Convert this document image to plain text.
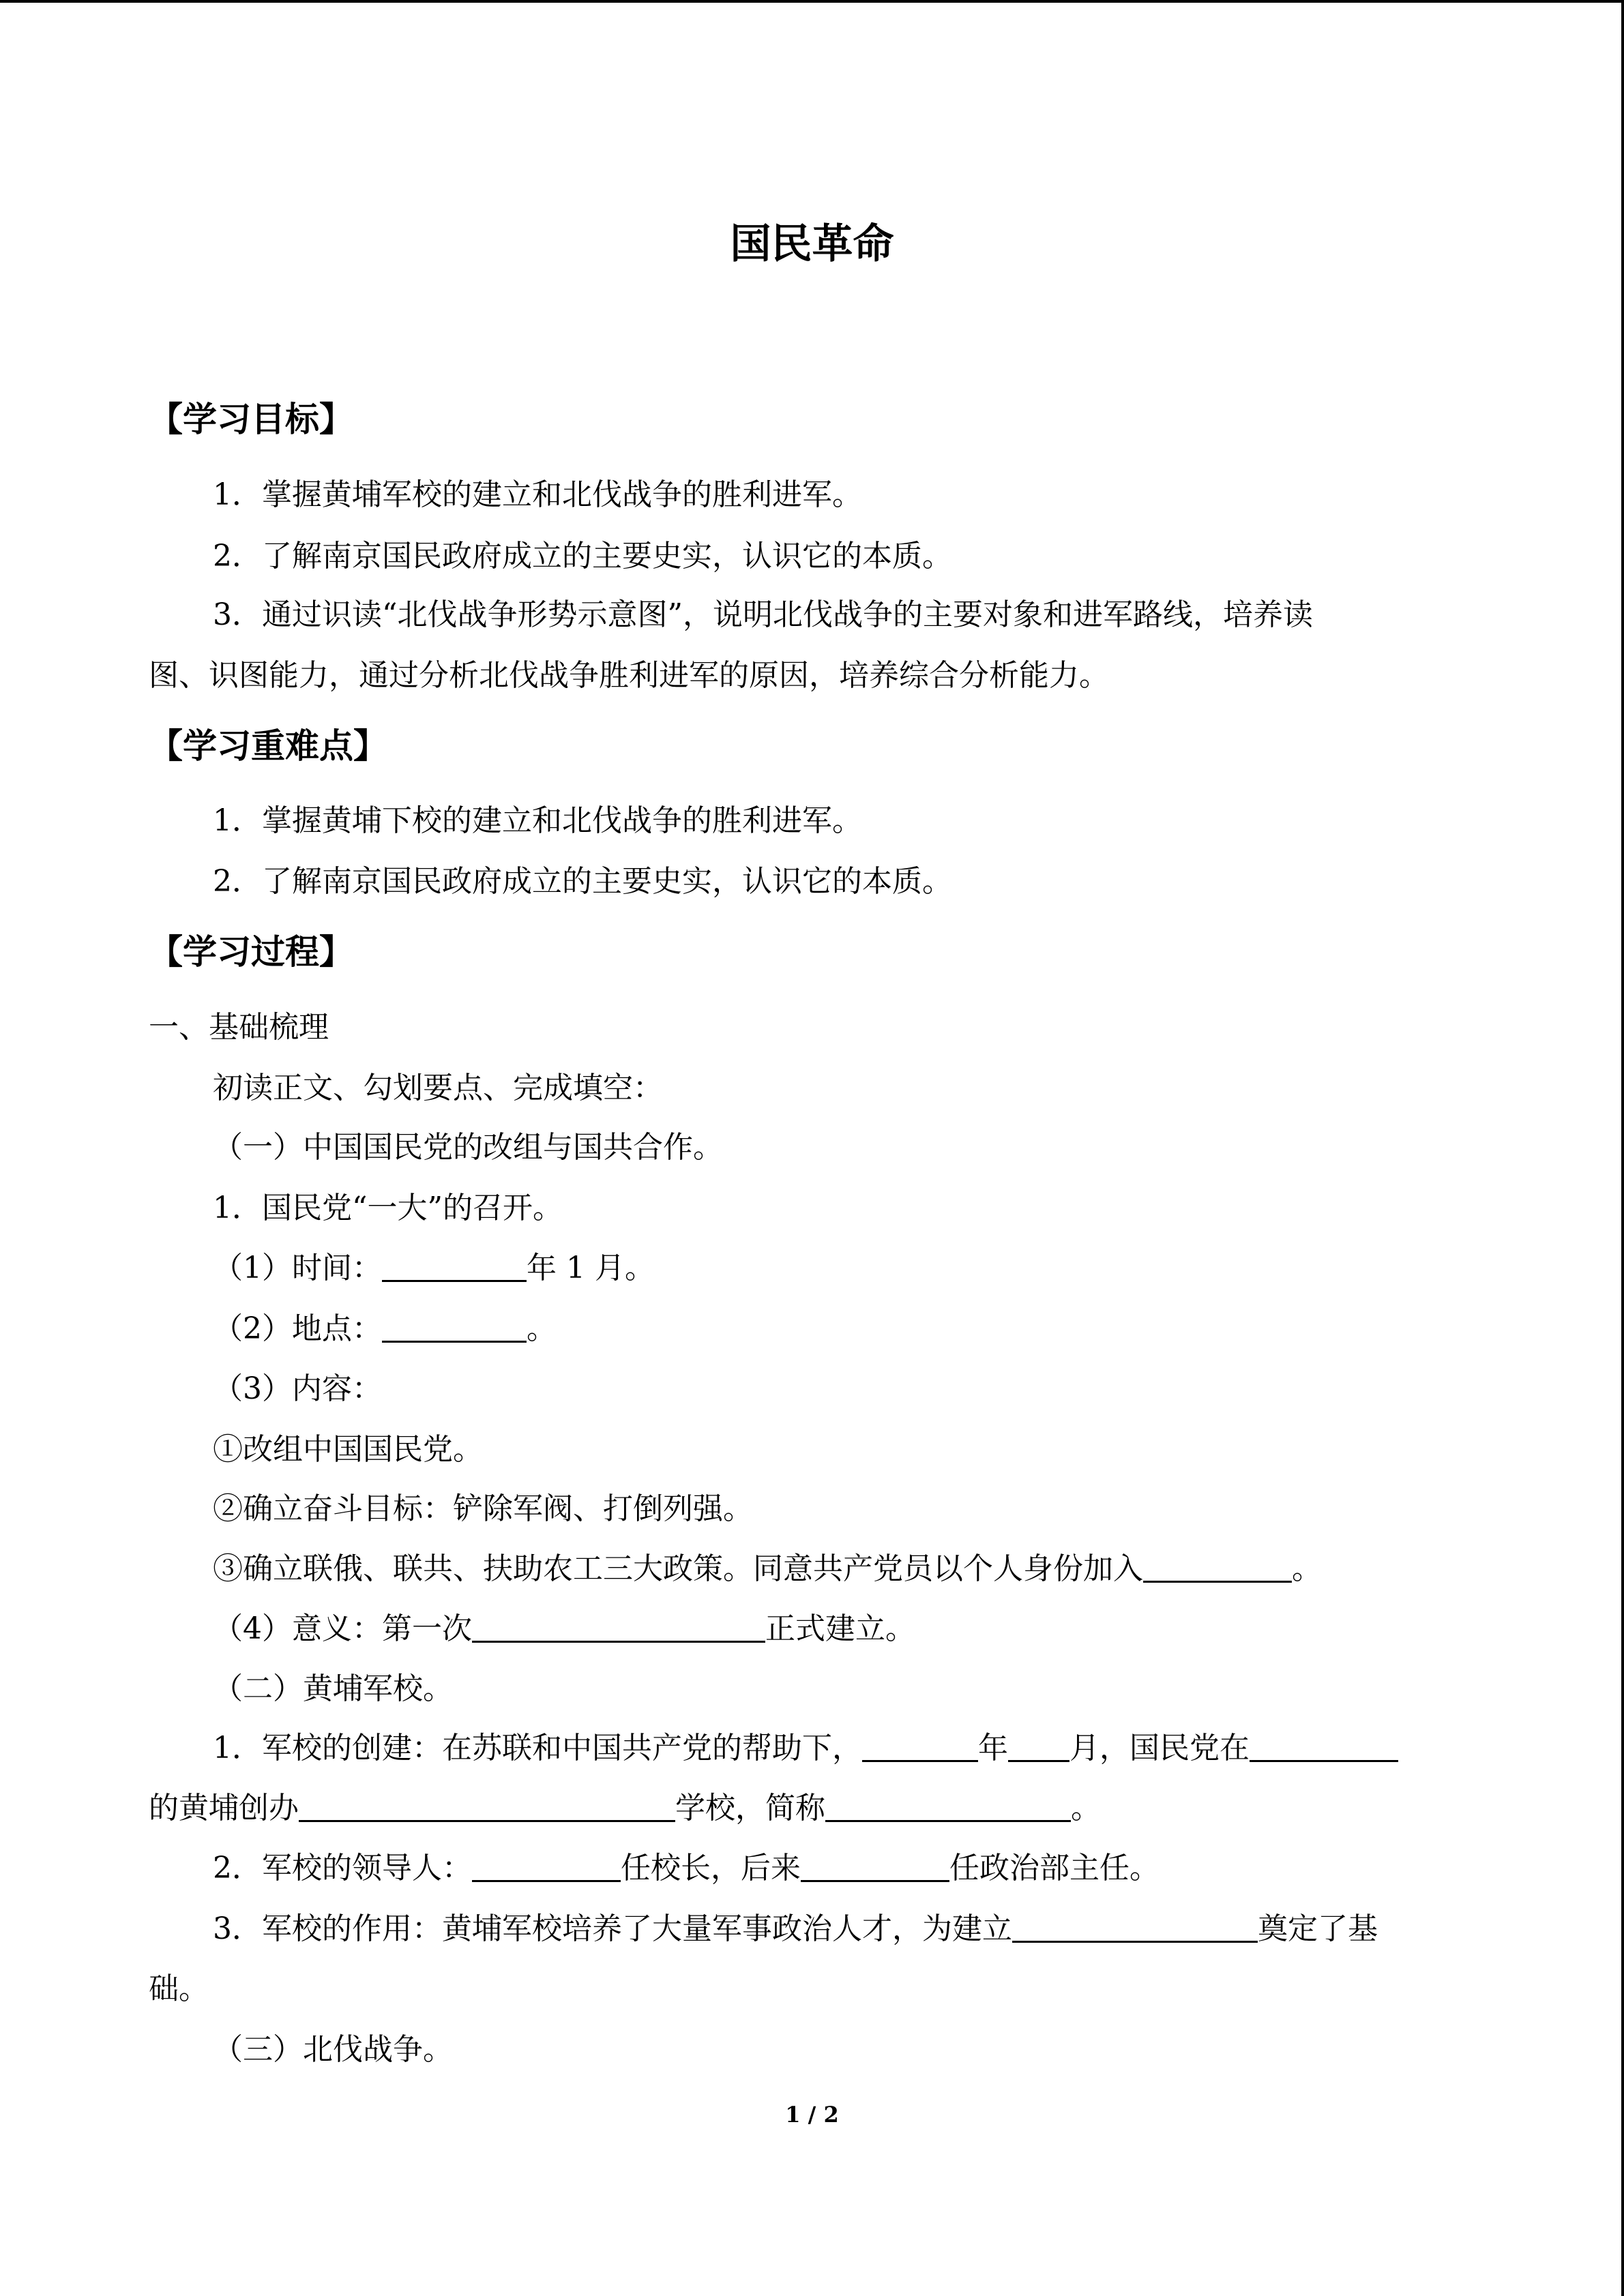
国民革命
【学习目标】
1．掌握黄埔军校的建立和北伐战争的胜利进军。
2．了解南京国民政府成立的主要史实，认识它的本质。
3．通过识读“北伐战争形势示意图”，说明北伐战争的主要对象和进军路线，培养读
图、识图能力，通过分析北伐战争胜利进军的原因，培养综合分析能力。
【学习重难点】
1．掌握黄埔下校的建立和北伐战争的胜利进军。
2．了解南京国民政府成立的主要史实，认识它的本质。
【学习过程】
一、基础梳理
初读正文、勾划要点、完成填空：
（一）中国国民党的改组与国共合作。
1．国民党“一大”的召开。
（1）时间：	年 1 月。
（2）地点：	。
（3）内容：
①改组中国国民党。
②确立奋斗目标：铲除军阀、打倒列强。
③确立联俄、联共、扶助农工三大政策。同意共产党员以个人身份加入	。
（4）意义：第一次	正式建立。
（二）黄埔军校。
1．军校的创建：在苏联和中国共产党的帮助下，	年 月，国民党在
的黄埔创办	学校，简称	。
2．军校的领导人：	任校长，后来	任政治部主任。
3．军校的作用：黄埔军校培养了大量军事政治人才，为建立	奠定了基
础。
（三）北伐战争。
1 / 2
